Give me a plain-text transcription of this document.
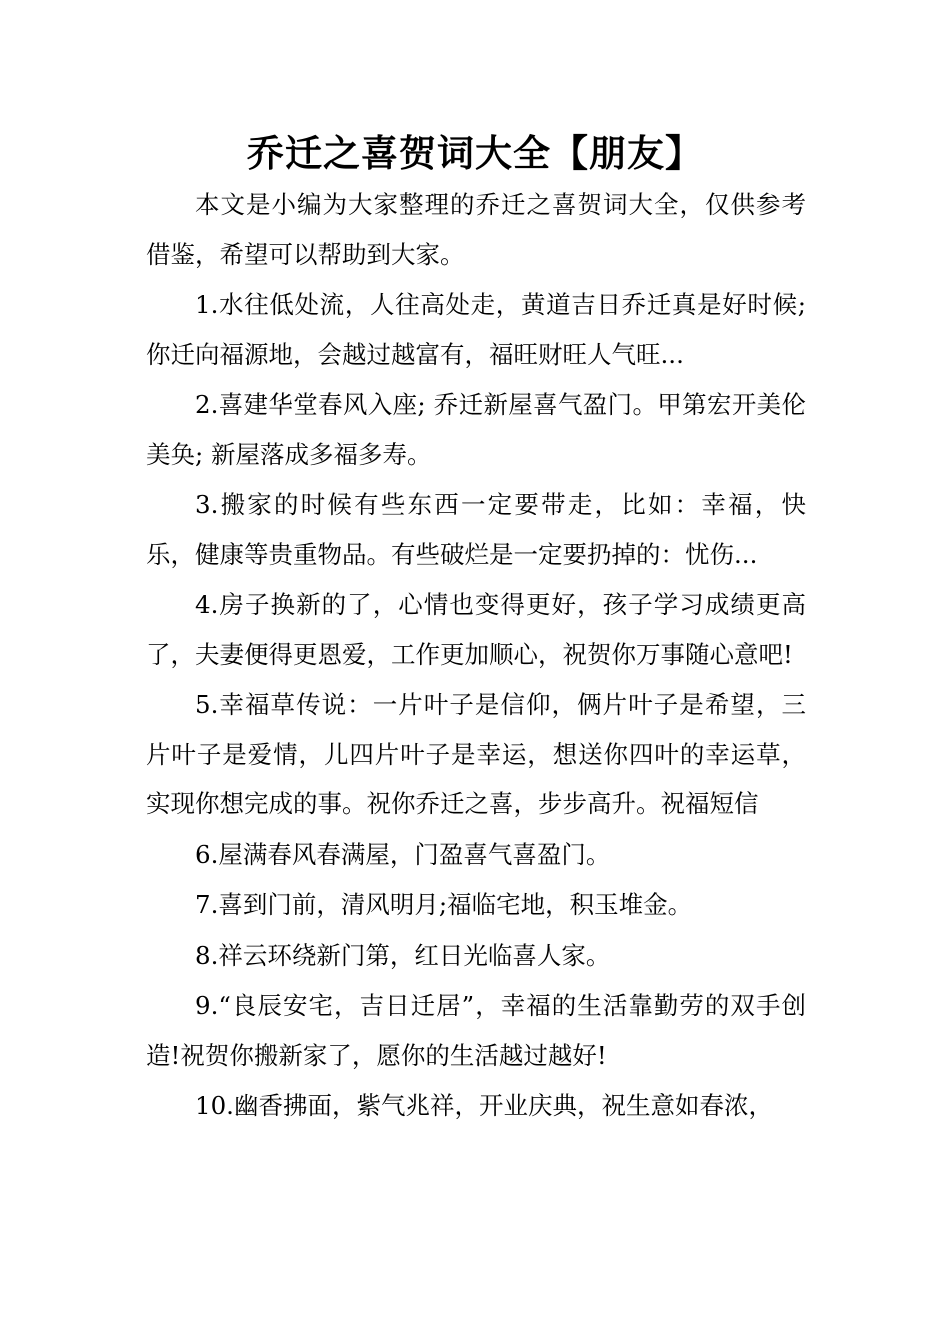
乔迁之喜贺词大全【朋友】

本文是小编为大家整理的乔迁之喜贺词大全，仅供参考借鉴，希望可以帮助到大家。

1.水往低处流，人往高处走，黄道吉日乔迁真是好时候;你迁向福源地，会越过越富有，福旺财旺人气旺...

2.喜建华堂春风入座; 乔迁新屋喜气盈门。甲第宏开美伦美奂; 新屋落成多福多寿。

3.搬家的时候有些东西一定要带走，比如：幸福，快乐，健康等贵重物品。有些破烂是一定要扔掉的：忧伤...

4.房子换新的了，心情也变得更好，孩子学习成绩更高了，夫妻便得更恩爱，工作更加顺心，祝贺你万事随心意吧!

5.幸福草传说：一片叶子是信仰，俩片叶子是希望，三片叶子是爱情，儿四片叶子是幸运，想送你四叶的幸运草，实现你想完成的事。祝你乔迁之喜，步步高升。祝福短信

6.屋满春风春满屋，门盈喜气喜盈门。

7.喜到门前，清风明月;福临宅地，积玉堆金。

8.祥云环绕新门第，红日光临喜人家。

9.“良辰安宅，吉日迁居”，幸福的生活靠勤劳的双手创造!祝贺你搬新家了，愿你的生活越过越好!

10.幽香拂面，紫气兆祥，开业庆典，祝生意如春浓，
